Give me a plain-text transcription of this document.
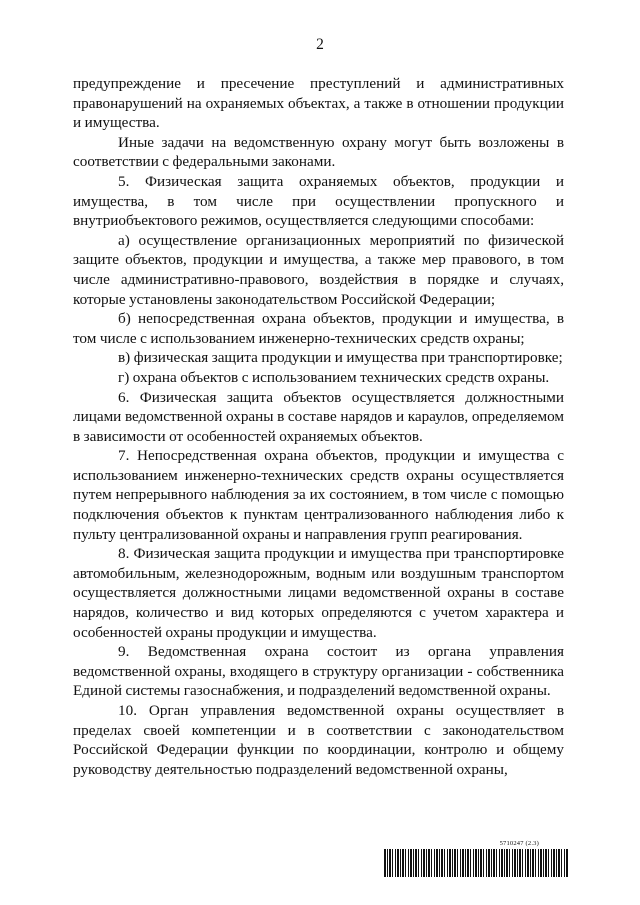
2

предупреждение и пресечение преступлений и административных правонарушений на охраняемых объектах, а также в отношении продукции и имущества.

Иные задачи на ведомственную охрану могут быть возложены в соответствии с федеральными законами.

5. Физическая защита охраняемых объектов, продукции и имущества, в том числе при осуществлении пропускного и внутриобъектового режимов, осуществляется следующими способами:

а) осуществление организационных мероприятий по физической защите объектов, продукции и имущества, а также мер правового, в том числе административно-правового, воздействия в порядке и случаях, которые установлены законодательством Российской Федерации;

б) непосредственная охрана объектов, продукции и имущества, в том числе с использованием инженерно-технических средств охраны;

в) физическая защита продукции и имущества при транспортировке;

г) охрана объектов с использованием технических средств охраны.

6. Физическая защита объектов осуществляется должностными лицами ведомственной охраны в составе нарядов и караулов, определяемом в зависимости от особенностей охраняемых объектов.

7. Непосредственная охрана объектов, продукции и имущества с использованием инженерно-технических средств охраны осуществляется путем непрерывного наблюдения за их состоянием, в том числе с помощью подключения объектов к пунктам централизованного наблюдения либо к пульту централизованной охраны и направления групп реагирования.

8. Физическая защита продукции и имущества при транспортировке автомобильным, железнодорожным, водным или воздушным транспортом осуществляется должностными лицами ведомственной охраны в составе нарядов, количество и вид которых определяются с учетом характера и особенностей охраны продукции и имущества.

9. Ведомственная охрана состоит из органа управления ведомственной охраны, входящего в структуру организации - собственника Единой системы газоснабжения, и подразделений ведомственной охраны.

10. Орган управления ведомственной охраны осуществляет в пределах своей компетенции и в соответствии с законодательством Российской Федерации функции по координации, контролю и общему руководству деятельностью подразделений ведомственной охраны,

5710247 (2.3)
